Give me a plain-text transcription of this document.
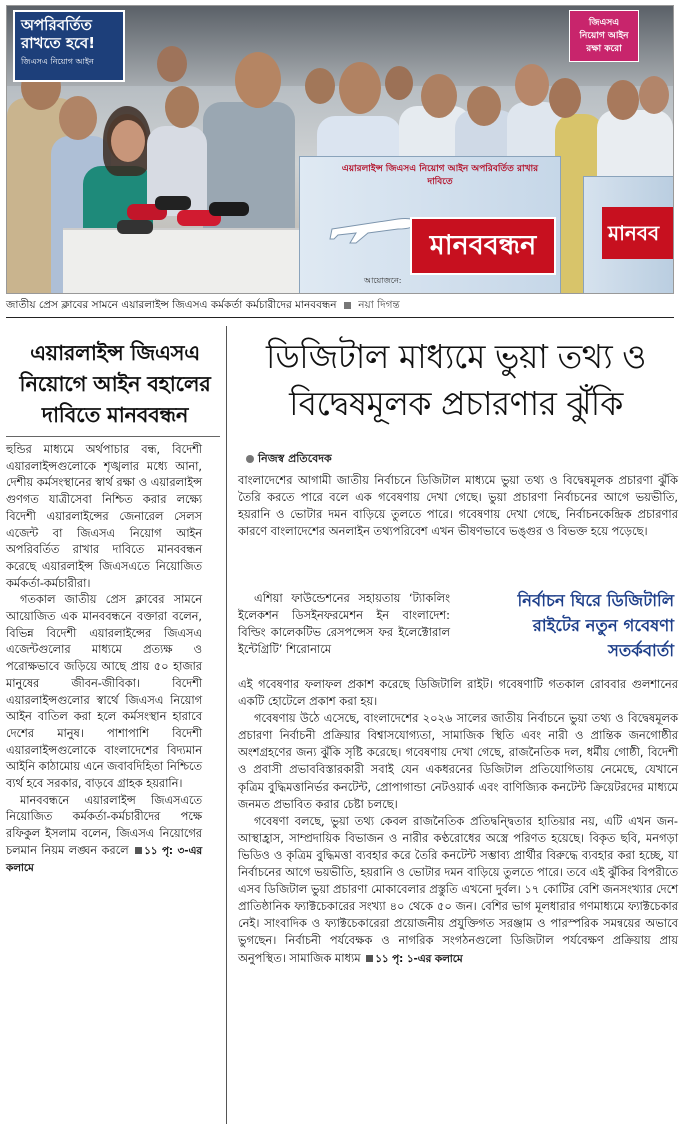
অপরিবর্তিত
রাখতে হবে!
জিএসএ নিয়োগ আইন
জিএসএ
নিয়োগ আইন
রক্ষা করো
এয়ারলাইন্স জিএসএ নিয়োগ আইন অপরিবর্তিত রাখার দাবিতে
মানববন্ধন
আয়োজনে:
মানবব
জাতীয় প্রেস ক্লাবের সামনে এয়ারলাইন্স জিএসএ কর্মকর্তা কর্মচারীদের মানববন্ধন নয়া দিগন্ত
এয়ারলাইন্স জিএসএ
নিয়োগে আইন বহালের
দাবিতে মানববন্ধন

হুন্ডির মাধ্যমে অর্থপাচার বন্ধ, বিদেশী এয়ারলাইন্সগুলোকে শৃঙ্খলার মধ্যে আনা, দেশীয় কর্মসংস্থানের স্বার্থ রক্ষা ও এয়ারলাইন্স গুণগত যাত্রীসেবা নিশ্চিত করার লক্ষ্যে বিদেশী এয়ারলাইন্সের জেনারেল সেলস এজেন্ট বা জিএসএ নিয়োগ আইন অপরিবর্তিত রাখার দাবিতে মানববন্ধন করেছে এয়ারলাইন্স জিএসএতে নিয়োজিত কর্মকর্তা-কর্মচারীরা।

গতকাল জাতীয় প্রেস ক্লাবের সামনে আয়োজিত এক মানববন্ধনে বক্তারা বলেন, বিভিন্ন বিদেশী এয়ারলাইন্সের জিএসএ এজেন্টগুলোর মাধ্যমে প্রত্যক্ষ ও পরোক্ষভাবে জড়িয়ে আছে প্রায় ৫০ হাজার মানুষের জীবন-জীবিকা। বিদেশী এয়ারলাইন্সগুলোর স্বার্থে জিএসএ নিয়োগ আইন বাতিল করা হলে কর্মসংস্থান হারাবে দেশের মানুষ। পাশাপাশি বিদেশী এয়ারলাইন্সগুলোকে বাংলাদেশের বিদ্যমান আইনি কাঠামোয় এনে জবাবদিহিতা নিশ্চিতে ব্যর্থ হবে সরকার, বাড়বে গ্রাহক হয়রানি।

মানববন্ধনে এয়ারলাইন্স জিএসএতে নিয়োজিত কর্মকর্তা-কর্মচারীদের পক্ষে রফিকুল ইসলাম বলেন, জিএসএ নিয়োগের চলমান নিয়ম লঙ্ঘন করলে ১১ পৃ: ৩-এর কলামে

ডিজিটাল মাধ্যমে ভুয়া তথ্য ও
বিদ্বেষমূলক প্রচারণার ঝুঁকি
নিজস্ব প্রতিবেদক

বাংলাদেশের আগামী জাতীয় নির্বাচনে ডিজিটাল মাধ্যমে ভুয়া তথ্য ও বিদ্বেষমূলক প্রচারণা ঝুঁকি তৈরি করতে পারে বলে এক গবেষণায় দেখা গেছে। ভুয়া প্রচারণা নির্বাচনের আগে ভয়ভীতি, হয়রানি ও ভোটার দমন বাড়িয়ে তুলতে পারে। গবেষণায় দেখা গেছে, নির্বাচনকেন্দ্রিক প্রচারণার কারণে বাংলাদেশের অনলাইন তথ্যপরিবেশ এখন ভীষণভাবে ভঙ্গুর ও বিভক্ত হয়ে পড়েছে।

এশিয়া ফাউন্ডেশনের সহায়তায় ‘ট্যাকলিং ইলেকশন ডিসইনফরমেশন ইন বাংলাদেশ: বিল্ডিং কালেকটিভ রেসপন্সেস ফর ইলেক্টোরাল ইন্টেগ্রিটি’ শিরোনামে

নির্বাচন ঘিরে ডিজিটালি
রাইটের নতুন গবেষণা
সতর্কবার্তা

এই গবেষণার ফলাফল প্রকাশ করেছে ডিজিটালি রাইট। গবেষণাটি গতকাল রোববার গুলশানের একটি হোটেলে প্রকাশ করা হয়।

গবেষণায় উঠে এসেছে, বাংলাদেশের ২০২৬ সালের জাতীয় নির্বাচনে ভুয়া তথ্য ও বিদ্বেষমূলক প্রচারণা নির্বাচনী প্রক্রিয়ার বিশ্বাসযোগ্যতা, সামাজিক স্থিতি এবং নারী ও প্রান্তিক জনগোষ্ঠীর অংশগ্রহণের জন্য ঝুঁকি সৃষ্টি করেছে। গবেষণায় দেখা গেছে, রাজনৈতিক দল, ধর্মীয় গোষ্ঠী, বিদেশী ও প্রবাসী প্রভাববিস্তারকারী সবাই যেন একধরনের ডিজিটাল প্রতিযোগিতায় নেমেছে, যেখানে কৃত্রিম বুদ্ধিমত্তানির্ভর কনটেন্ট, প্রোপাগান্ডা নেটওয়ার্ক এবং বাণিজ্যিক কনটেন্ট ক্রিয়েটরদের মাধ্যমে জনমত প্রভাবিত করার চেষ্টা চলছে।

গবেষণা বলছে, ভুয়া তথ্য কেবল রাজনৈতিক প্রতিদ্বন্দ্বিতার হাতিয়ার নয়, এটি এখন জন-আস্থাহ্রাস, সাম্প্রদায়িক বিভাজন ও নারীর কণ্ঠরোধের অস্ত্রে পরিণত হয়েছে। বিকৃত ছবি, মনগড়া ভিডিও ও কৃত্রিম বুদ্ধিমত্তা ব্যবহার করে তৈরি কনটেন্ট সম্ভাব্য প্রার্থীর বিরুদ্ধে ব্যবহার করা হচ্ছে, যা নির্বাচনের আগে ভয়ভীতি, হয়রানি ও ভোটার দমন বাড়িয়ে তুলতে পারে। তবে এই ঝুঁকির বিপরীতে এসব ডিজিটাল ভুয়া প্রচারণা মোকাবেলার প্রস্তুতি এখনো দুর্বল। ১৭ কোটির বেশি জনসংখ্যার দেশে প্রাতিষ্ঠানিক ফ্যাক্টচেকারের সংখ্যা ৪০ থেকে ৫০ জন। বেশির ভাগ মূলধারার গণমাধ্যমে ফ্যাক্টচেকার নেই। সাংবাদিক ও ফ্যাক্টচেকারেরা প্রয়োজনীয় প্রযুক্তিগত সরঞ্জাম ও পারস্পরিক সমন্বয়ের অভাবে ভুগছেন। নির্বাচনী পর্যবেক্ষক ও নাগরিক সংগঠনগুলো ডিজিটাল পর্যবেক্ষণ প্রক্রিয়ায় প্রায় অনুপস্থিত। সামাজিক মাধ্যম ১১ পৃ: ১-এর কলামে
